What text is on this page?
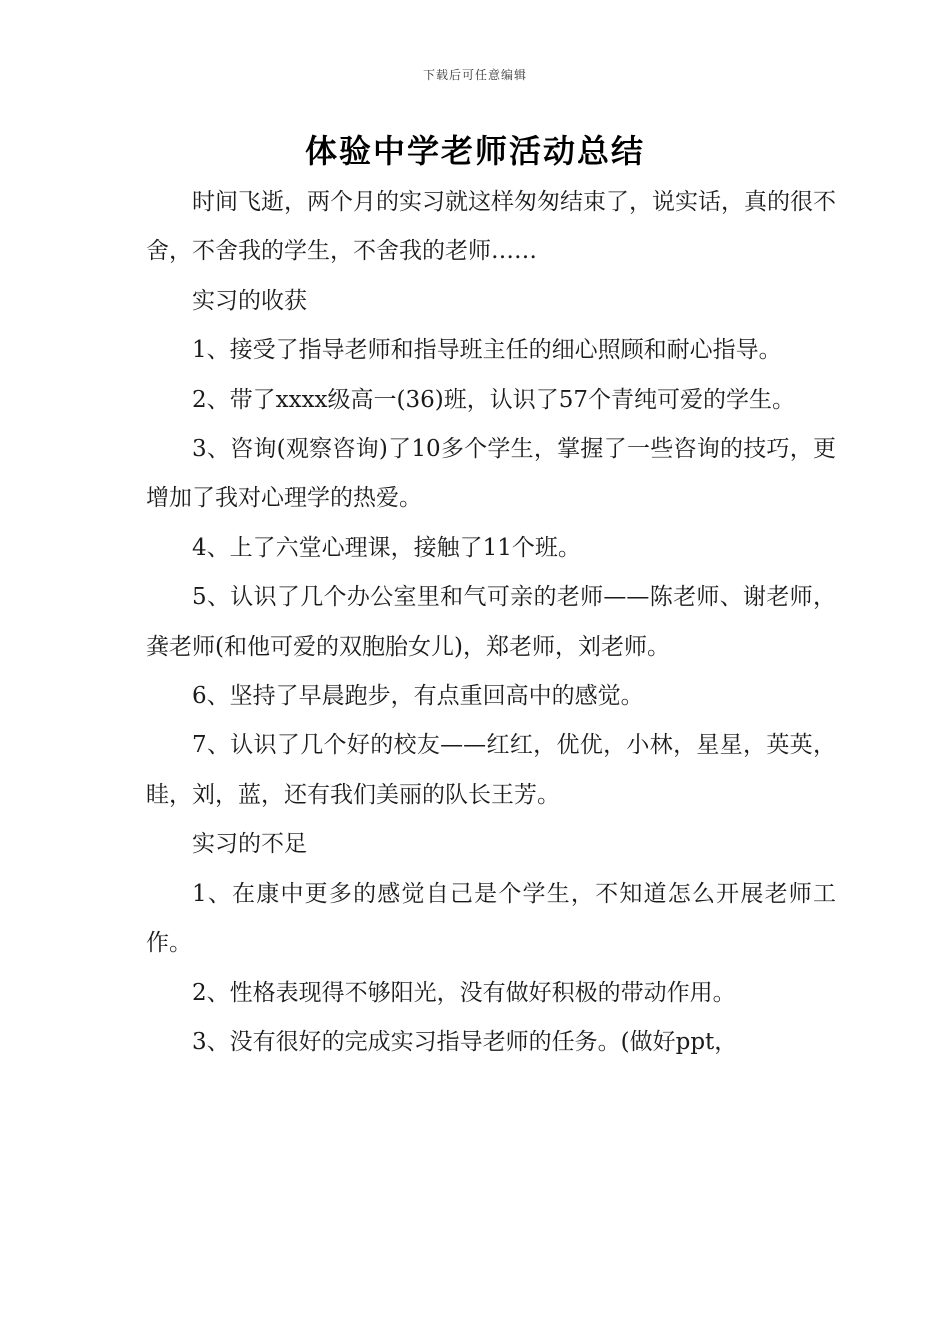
下载后可任意编辑
体验中学老师活动总结

时间飞逝，两个月的实习就这样匆匆结束了，说实话，真的很不舍，不舍我的学生，不舍我的老师……

实习的收获

1、接受了指导老师和指导班主任的细心照顾和耐心指导。

2、带了xxxx级高一(36)班，认识了57个青纯可爱的学生。

3、咨询(观察咨询)了10多个学生，掌握了一些咨询的技巧，更增加了我对心理学的热爱。

4、上了六堂心理课，接触了11个班。

5、认识了几个办公室里和气可亲的老师——陈老师、谢老师，龚老师(和他可爱的双胞胎女儿)，郑老师，刘老师。

6、坚持了早晨跑步，有点重回高中的感觉。

7、认识了几个好的校友——红红，优优，小林，星星，英英，眭，刘，蓝，还有我们美丽的队长王芳。

实习的不足

1、在康中更多的感觉自己是个学生，不知道怎么开展老师工作。

2、性格表现得不够阳光，没有做好积极的带动作用。

3、没有很好的完成实习指导老师的任务。(做好ppt，
